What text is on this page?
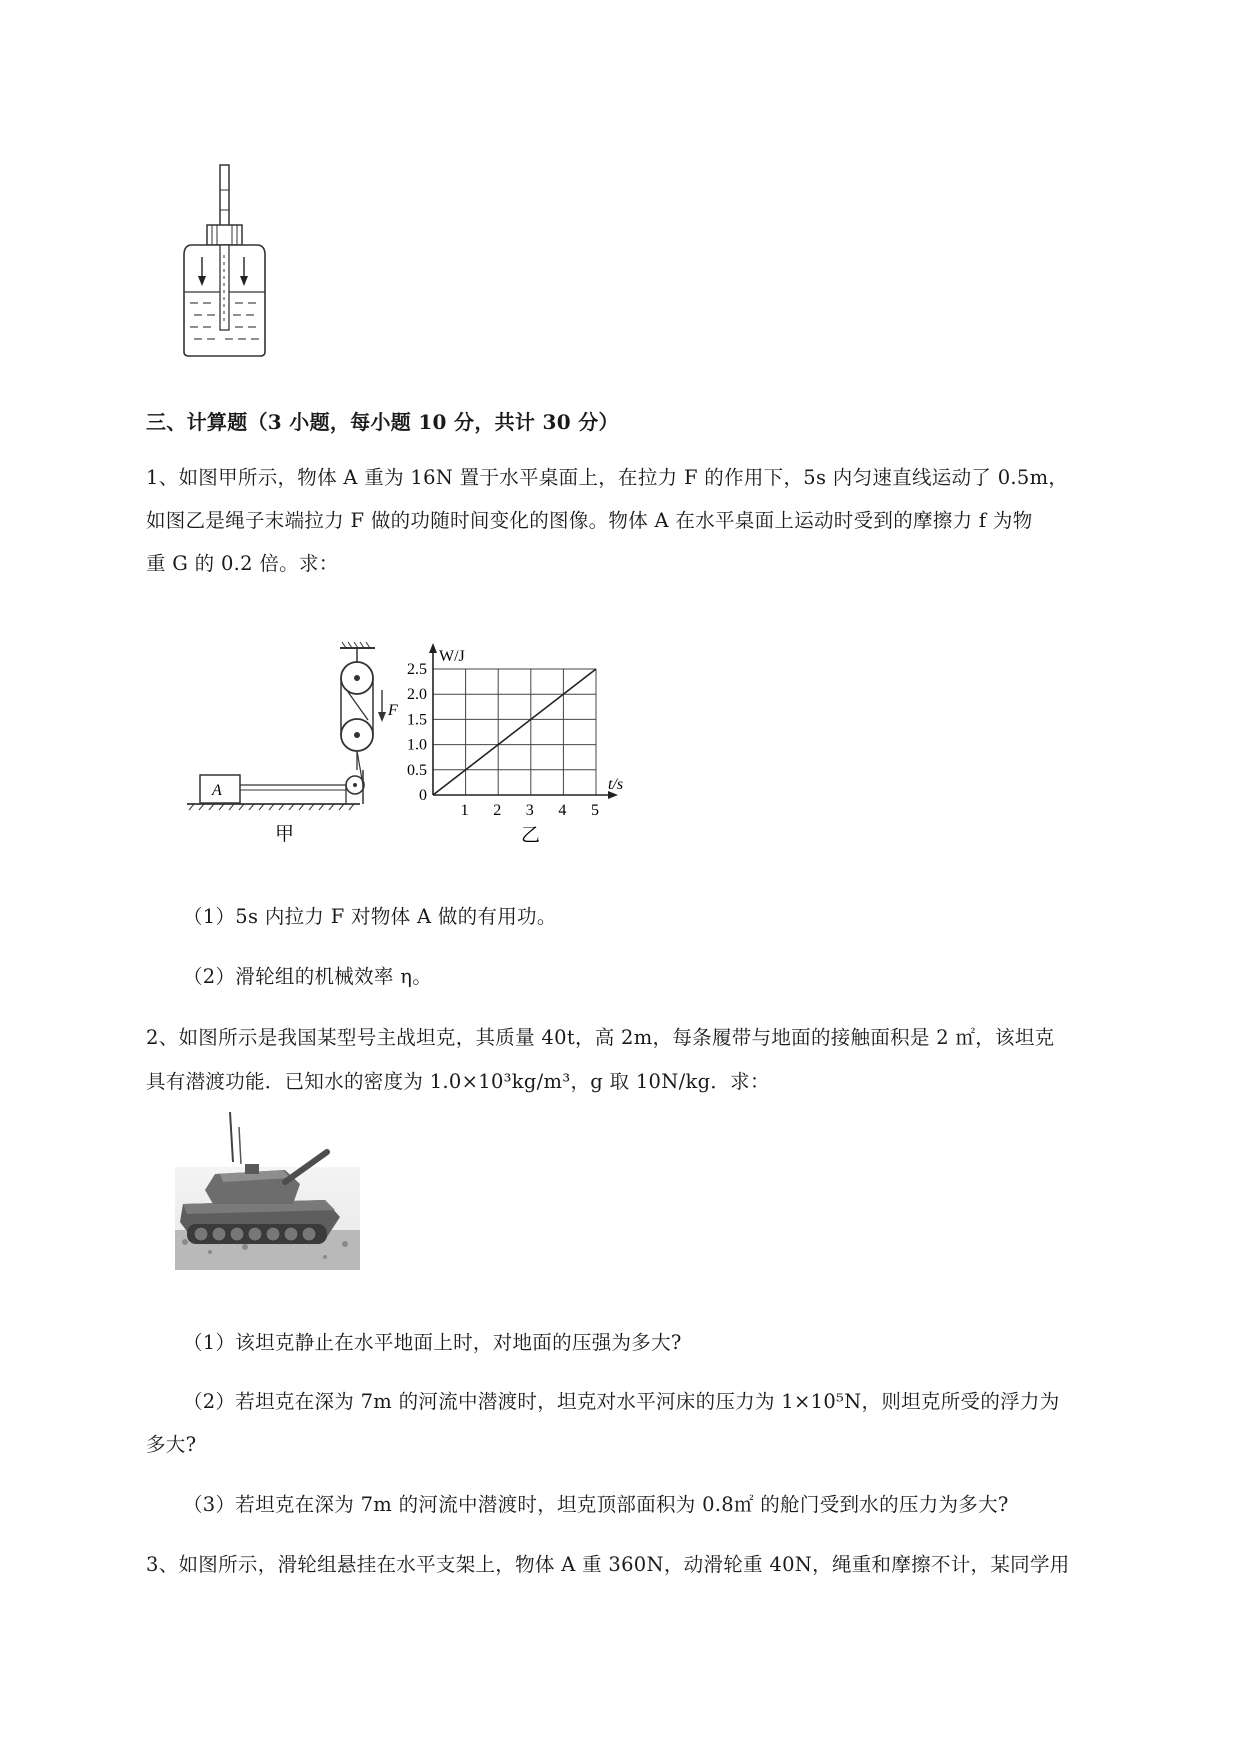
三、计算题（3 小题，每小题 10 分，共计 30 分）
1、如图甲所示，物体 A 重为 16N 置于水平桌面上，在拉力 F 的作用下，5s 内匀速直线运动了 0.5m，
如图乙是绳子末端拉力 F 做的功随时间变化的图像。物体 A 在水平桌面上运动时受到的摩擦力 f 为物
重 G 的 0.2 倍。求：
F
A
甲
1 2 3 4 5
0
0.5
1.0
1.5
2.0
2.5
W/J
t/s
乙
（1）5s 内拉力 F 对物体 A 做的有用功。
（2）滑轮组的机械效率 η。
2、如图所示是我国某型号主战坦克，其质量 40t，高 2m，每条履带与地面的接触面积是 2 ㎡，该坦克
具有潜渡功能．已知水的密度为 1.0×10³kg/m³，g 取 10N/kg．求：
（1）该坦克静止在水平地面上时，对地面的压强为多大?
（2）若坦克在深为 7m 的河流中潜渡时，坦克对水平河床的压力为 1×10⁵N，则坦克所受的浮力为
多大?
（3）若坦克在深为 7m 的河流中潜渡时，坦克顶部面积为 0.8㎡ 的舱门受到水的压力为多大?
3、如图所示，滑轮组悬挂在水平支架上，物体 A 重 360N，动滑轮重 40N，绳重和摩擦不计，某同学用
